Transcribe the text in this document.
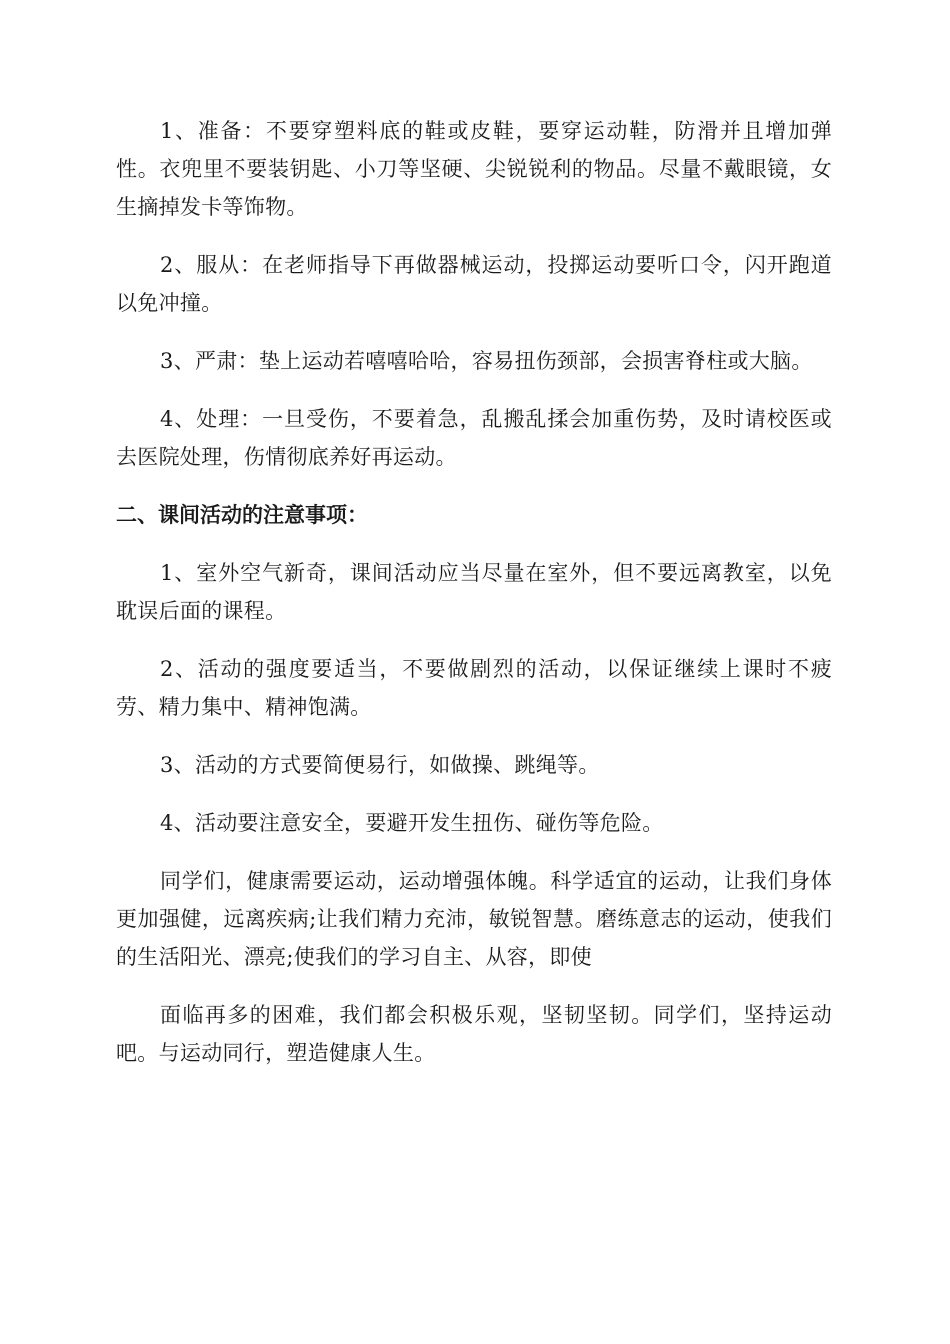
1、准备：不要穿塑料底的鞋或皮鞋，要穿运动鞋，防滑并且增加弹性。衣兜里不要装钥匙、小刀等坚硬、尖锐锐利的物品。尽量不戴眼镜，女生摘掉发卡等饰物。

2、服从：在老师指导下再做器械运动，投掷运动要听口令，闪开跑道以免冲撞。

3、严肃：垫上运动若嘻嘻哈哈，容易扭伤颈部，会损害脊柱或大脑。

4、处理：一旦受伤，不要着急，乱搬乱揉会加重伤势，及时请校医或去医院处理，伤情彻底养好再运动。

二、课间活动的注意事项：

1、室外空气新奇，课间活动应当尽量在室外，但不要远离教室，以免耽误后面的课程。

2、活动的强度要适当，不要做剧烈的活动，以保证继续上课时不疲劳、精力集中、精神饱满。

3、活动的方式要简便易行，如做操、跳绳等。

4、活动要注意安全，要避开发生扭伤、碰伤等危险。

同学们，健康需要运动，运动增强体魄。科学适宜的运动，让我们身体更加强健，远离疾病;让我们精力充沛，敏锐智慧。磨练意志的运动，使我们的生活阳光、漂亮;使我们的学习自主、从容，即使

面临再多的困难，我们都会积极乐观，坚韧坚韧。同学们，坚持运动吧。与运动同行，塑造健康人生。
